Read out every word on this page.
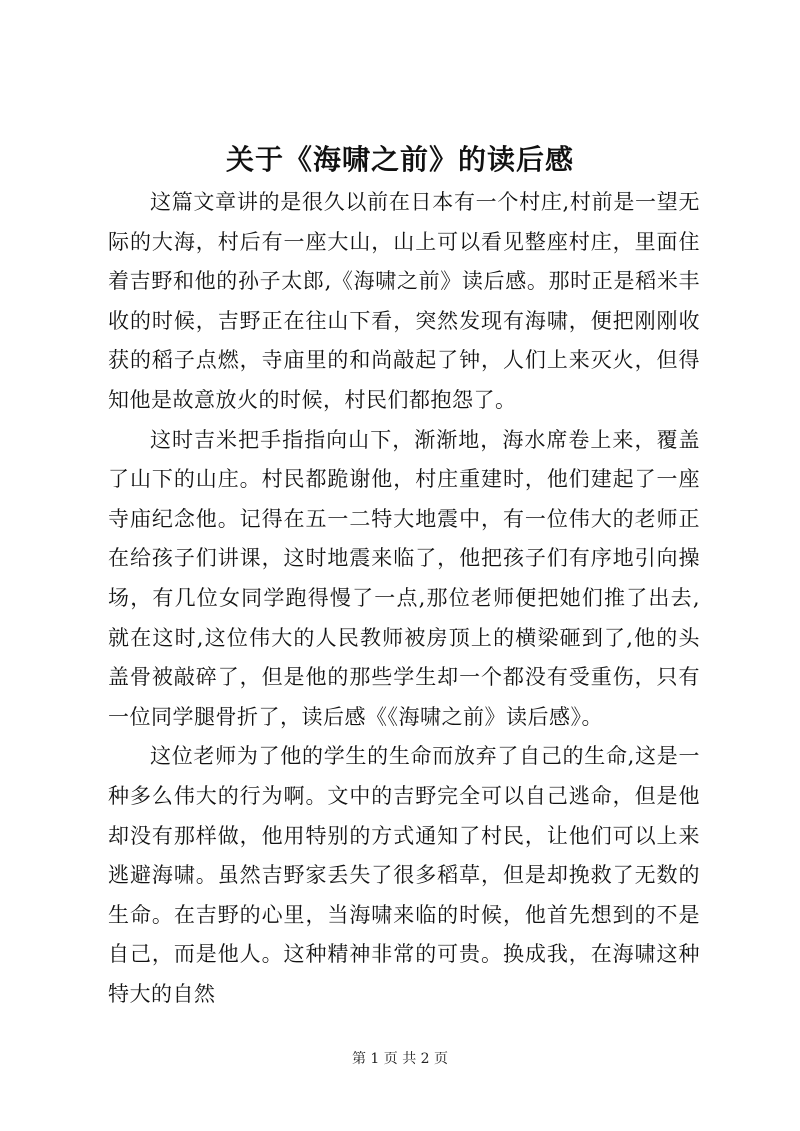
关于《海啸之前》的读后感

这篇文章讲的是很久以前在日本有一个村庄,村前是一望无际的大海，村后有一座大山，山上可以看见整座村庄，里面住着吉野和他的孙子太郎,《海啸之前》读后感。那时正是稻米丰收的时候，吉野正在往山下看，突然发现有海啸，便把刚刚收获的稻子点燃，寺庙里的和尚敲起了钟，人们上来灭火，但得知他是故意放火的时候，村民们都抱怨了。

这时吉米把手指指向山下，渐渐地，海水席卷上来，覆盖了山下的山庄。村民都跪谢他，村庄重建时，他们建起了一座寺庙纪念他。记得在五一二特大地震中，有一位伟大的老师正在给孩子们讲课，这时地震来临了，他把孩子们有序地引向操场，有几位女同学跑得慢了一点,那位老师便把她们推了出去,就在这时,这位伟大的人民教师被房顶上的横梁砸到了,他的头盖骨被敲碎了，但是他的那些学生却一个都没有受重伤，只有一位同学腿骨折了，读后感《《海啸之前》读后感》。

这位老师为了他的学生的生命而放弃了自己的生命,这是一种多么伟大的行为啊。文中的吉野完全可以自己逃命，但是他却没有那样做，他用特别的方式通知了村民，让他们可以上来逃避海啸。虽然吉野家丢失了很多稻草，但是却挽救了无数的生命。在吉野的心里，当海啸来临的时候，他首先想到的不是自己，而是他人。这种精神非常的可贵。换成我，在海啸这种特大的自然

第 1 页 共 2 页
